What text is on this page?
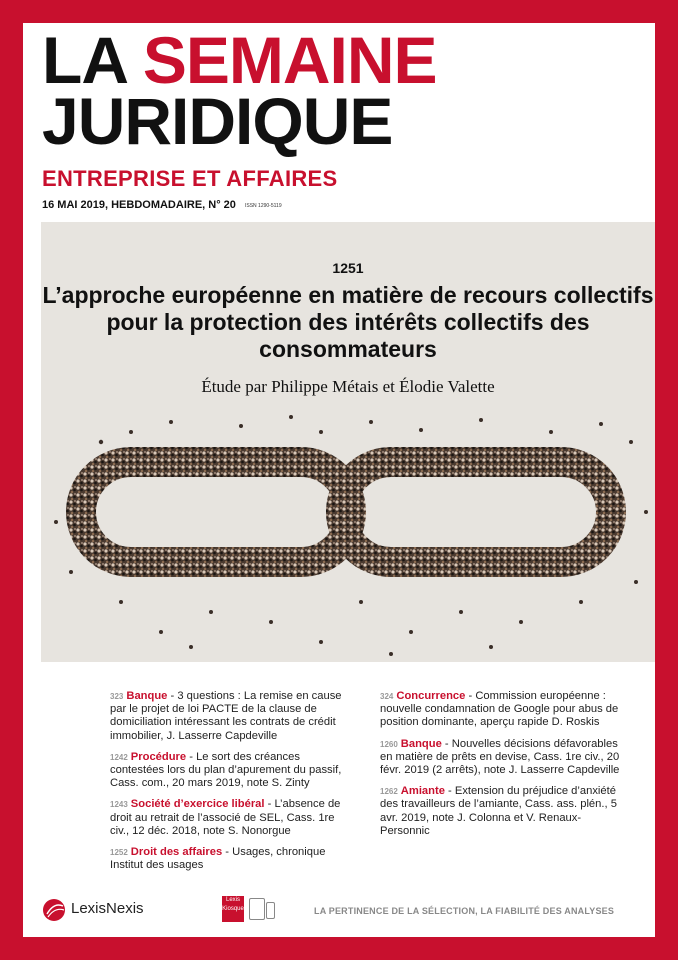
LA SEMAINE
JURIDIQUE
ENTREPRISE ET AFFAIRES
16 MAI 2019, HEBDOMADAIRE, N° 20 ISSN 1290-5119
1251
L’approche européenne en matière de recours collectifs pour la protection des intérêts collectifs des consommateurs
Étude par Philippe Métais et Élodie Valette
323 Banque - 3 questions : La remise en cause par le projet de loi PACTE de la clause de domiciliation intéressant les contrats de crédit immobilier, J. Lasserre Capdeville
1242 Procédure - Le sort des créances contestées lors du plan d’apurement du passif, Cass. com., 20 mars 2019, note S. Zinty
1243 Société d’exercice libéral - L’absence de droit au retrait de l’associé de SEL, Cass. 1re civ., 12 déc. 2018, note S. Nonorgue
1252 Droit des affaires - Usages, chronique Institut des usages
324 Concurrence - Commission européenne : nouvelle condamnation de Google pour abus de position dominante, aperçu rapide D. Roskis
1260 Banque - Nouvelles décisions défavorables en matière de prêts en devise, Cass. 1re civ., 20 févr. 2019 (2 arrêts), note J. Lasserre Capdeville
1262 Amiante - Extension du préjudice d’anxiété des travailleurs de l’amiante, Cass. ass. plén., 5 avr. 2019, note J. Colonna et V. Renaux-Personnic
LexisNexis	Lexis Kiosque	LA PERTINENCE DE LA SÉLECTION, LA FIABILITÉ DES ANALYSES
